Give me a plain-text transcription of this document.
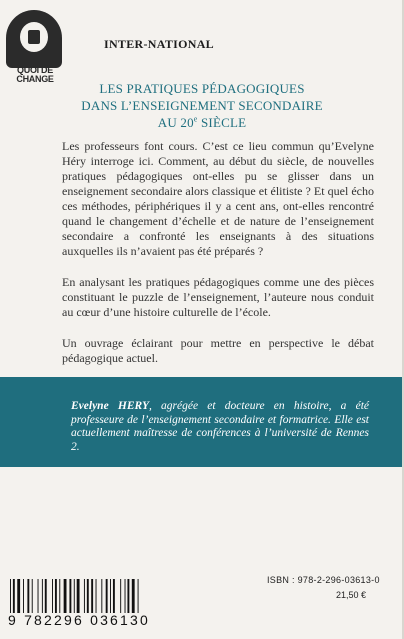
QUOI DE CHANGE
INTER-NATIONAL
LES PRATIQUES PÉDAGOGIQUES
DANS L’ENSEIGNEMENT SECONDAIRE
AU 20e SIÈCLE

Les professeurs font cours. C’est ce lieu commun qu’Evelyne Héry interroge ici. Comment, au début du siècle, de nouvelles pratiques pédagogiques ont-elles pu se glisser dans un enseignement secondaire alors classique et élitiste ? Et quel écho ces méthodes, périphériques il y a cent ans, ont-elles rencontré quand le changement d’échelle et de nature de l’enseignement secondaire a confronté les enseignants à des situations auxquelles ils n’avaient pas été préparés ?

En analysant les pratiques pédagogiques comme une des pièces constituant le puzzle de l’enseignement, l’auteure nous conduit au cœur d’une histoire culturelle de l’école.

Un ouvrage éclairant pour mettre en perspective le débat pédagogique actuel.

Evelyne HERY, agrégée et docteure en histoire, a été professeure de l’enseignement secondaire et formatrice. Elle est actuellement maîtresse de conférences à l’université de Rennes 2.
9 782296 036130
ISBN : 978-2-296-03613-0
21,50 €
